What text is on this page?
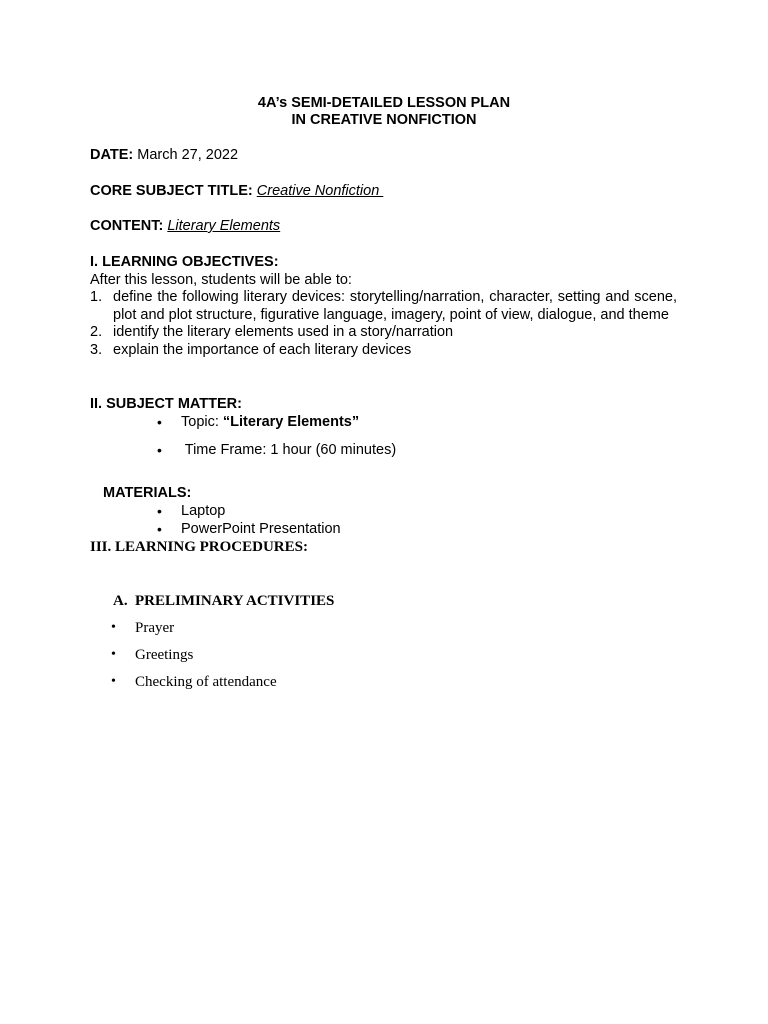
4A’s SEMI-DETAILED LESSON PLAN
IN CREATIVE NONFICTION
DATE: March 27, 2022
CORE SUBJECT TITLE: Creative Nonfiction
CONTENT: Literary Elements
I. LEARNING OBJECTIVES:
After this lesson, students will be able to:
1. define the following literary devices: storytelling/narration, character, setting and scene, plot and plot structure, figurative language, imagery, point of view, dialogue, and theme
2. identify the literary elements used in a story/narration
3. explain the importance of each literary devices
II. SUBJECT MATTER:
• Topic: “Literary Elements”
• Time Frame: 1 hour (60 minutes)
MATERIALS:
• Laptop
• PowerPoint Presentation
III. LEARNING PROCEDURES:
A. PRELIMINARY ACTIVITIES
• Prayer
• Greetings
• Checking of attendance
